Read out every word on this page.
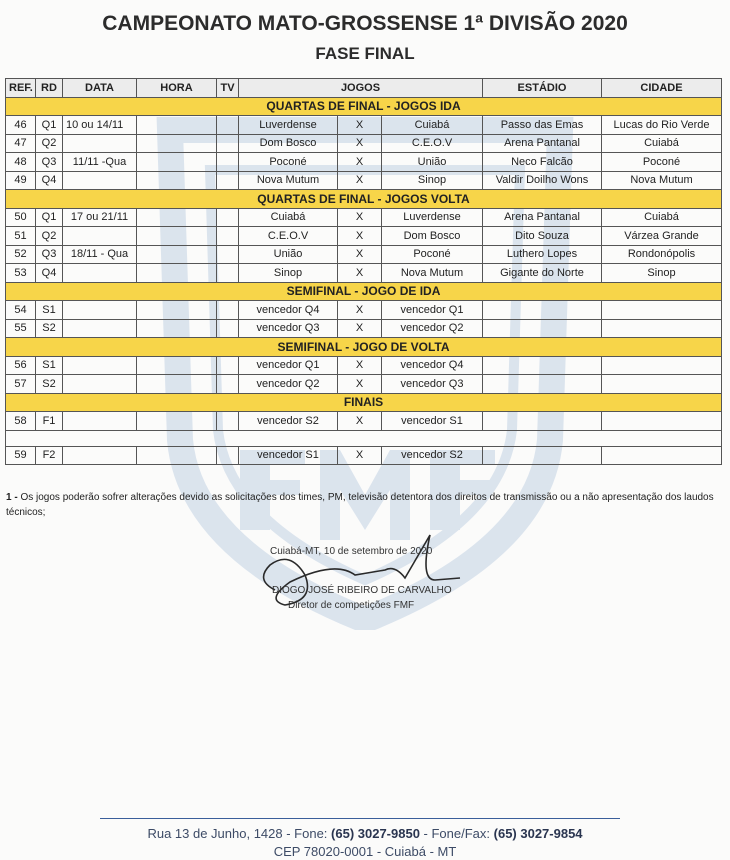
CAMPEONATO MATO-GROSSENSE 1ª DIVISÃO 2020
FASE FINAL
REF.	RD	DATA	HORA	TV	JOGOS			ESTÁDIO	CIDADE
QUARTAS DE FINAL - JOGOS IDA									
46	Q1	10 ou 14/11			Luverdense	X	Cuiabá	Passo das Emas	Lucas do Rio Verde
47	Q2				Dom Bosco	X	C.E.O.V	Arena Pantanal	Cuiabá
48	Q3	11/11 -Qua			Poconé	X	União	Neco Falcão	Poconé
49	Q4				Nova Mutum	X	Sinop	Valdir Doilho Wons	Nova Mutum
QUARTAS DE FINAL - JOGOS VOLTA									
50	Q1	17 ou 21/11			Cuiabá	X	Luverdense	Arena Pantanal	Cuiabá
51	Q2				C.E.O.V	X	Dom Bosco	Dito Souza	Várzea Grande
52	Q3	18/11 - Qua			União	X	Poconé	Luthero Lopes	Rondonópolis
53	Q4				Sinop	X	Nova Mutum	Gigante do Norte	Sinop
SEMIFINAL - JOGO DE IDA									
54	S1				vencedor Q4	X	vencedor Q1		
55	S2				vencedor Q3	X	vencedor Q2		
SEMIFINAL - JOGO DE VOLTA									
56	S1				vencedor Q1	X	vencedor Q4		
57	S2				vencedor Q2	X	vencedor Q3		
FINAIS									
58	F1				vencedor S2	X	vencedor S1		

59	F2				vencedor S1	X	vencedor S2		
1 - Os jogos poderão sofrer alterações devido as solicitações dos times, PM, televisão detentora dos direitos de transmissão ou a não apresentação dos laudos técnicos;
Cuiabá-MT, 10 de setembro de 2020
DIOGO JOSÉ RIBEIRO DE CARVALHO
Diretor de competições FMF
Rua 13 de Junho, 1428 - Fone: (65) 3027-9850 - Fone/Fax: (65) 3027-9854
CEP 78020-0001 - Cuiabá - MT
